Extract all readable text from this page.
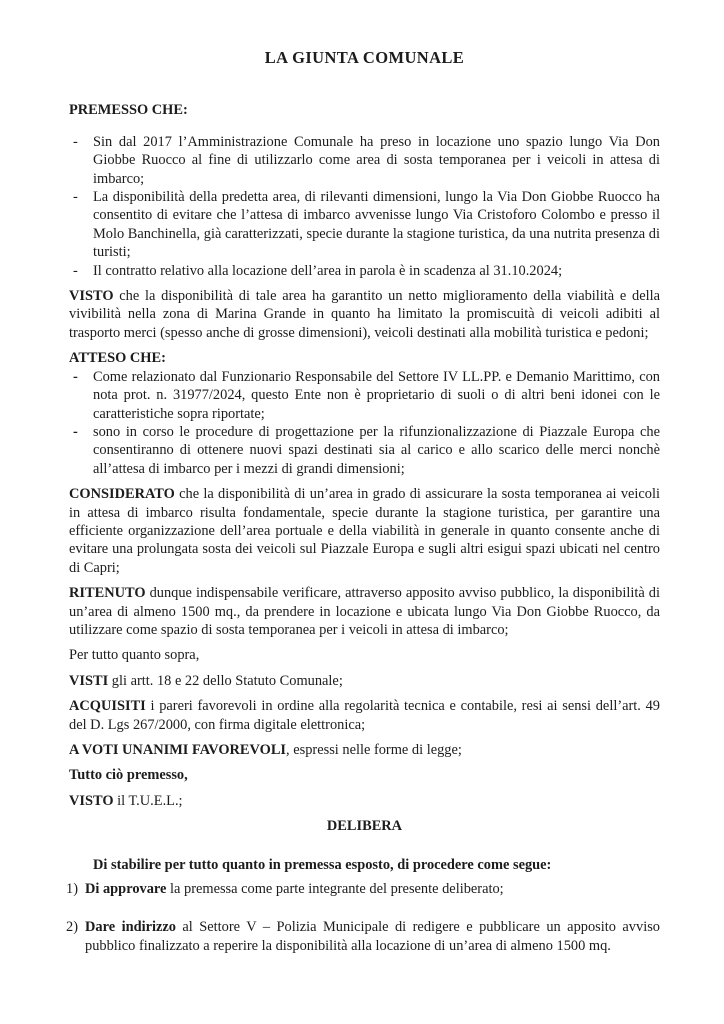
LA GIUNTA COMUNALE
PREMESSO CHE:
- Sin dal 2017 l’Amministrazione Comunale ha preso in locazione uno spazio lungo Via Don Giobbe Ruocco al fine di utilizzarlo come area di sosta temporanea per i veicoli in attesa di imbarco;
- La disponibilità della predetta area, di rilevanti dimensioni, lungo la Via Don Giobbe Ruocco ha consentito di evitare che l’attesa di imbarco avvenisse lungo Via Cristoforo Colombo e presso il Molo Banchinella, già caratterizzati, specie durante la stagione turistica, da una nutrita presenza di turisti;
- Il contratto relativo alla locazione dell’area in parola è in scadenza al 31.10.2024;
VISTO che la disponibilità di tale area ha garantito un netto miglioramento della viabilità e della vivibilità nella zona di Marina Grande in quanto ha limitato la promiscuità di veicoli adibiti al trasporto merci (spesso anche di grosse dimensioni), veicoli destinati alla mobilità turistica e pedoni;
ATTESO CHE:
- Come relazionato dal Funzionario Responsabile del Settore IV LL.PP. e Demanio Marittimo, con nota prot. n. 31977/2024, questo Ente non è proprietario di suoli o di altri beni idonei con le caratteristiche sopra riportate;
- sono in corso le procedure di progettazione per la rifunzionalizzazione di Piazzale Europa che consentiranno di ottenere nuovi spazi destinati sia al carico e allo scarico delle merci nonchè all’attesa di imbarco per i mezzi di grandi dimensioni;
CONSIDERATO che la disponibilità di un’area in grado di assicurare la sosta temporanea ai veicoli in attesa di imbarco risulta fondamentale, specie durante la stagione turistica, per garantire una efficiente organizzazione dell’area portuale e della viabilità in generale in quanto consente anche di evitare una prolungata sosta dei veicoli sul Piazzale Europa e sugli altri esigui spazi ubicati nel centro di Capri;
RITENUTO dunque indispensabile verificare, attraverso apposito avviso pubblico, la disponibilità di un’area di almeno 1500 mq., da prendere in locazione e ubicata lungo Via Don Giobbe Ruocco, da utilizzare come spazio di sosta temporanea per i veicoli in attesa di imbarco;
Per tutto quanto sopra,
VISTI gli artt. 18 e 22 dello Statuto Comunale;
ACQUISITI i pareri favorevoli in ordine alla regolarità tecnica e contabile, resi ai sensi dell’art. 49 del D. Lgs 267/2000, con firma digitale elettronica;
A VOTI UNANIMI FAVOREVOLI, espressi nelle forme di legge;
Tutto ciò premesso,
VISTO il T.U.E.L.;
DELIBERA
Di stabilire per tutto quanto in premessa esposto, di procedere come segue:
1) Di approvare la premessa come parte integrante del presente deliberato;
2) Dare indirizzo al Settore V – Polizia Municipale di redigere e pubblicare un apposito avviso pubblico finalizzato a reperire la disponibilità alla locazione di un’area di almeno 1500 mq.
